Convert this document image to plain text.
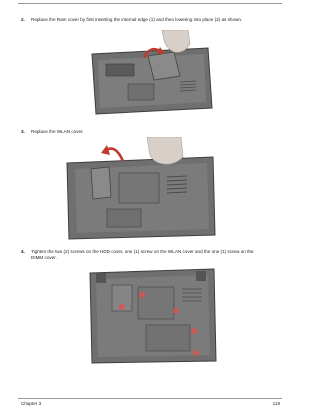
2. Replace the Ram cover by first inserting the internal edge (1) and then lowering into place (2) as shown.
3. Replace the WLAN cover.
4. Tighten the two (2) screws on the HDD cover, one (1) screw on the WLAN cover and the one (1) screw on the
DIMM cover.
Chapter 3	119
